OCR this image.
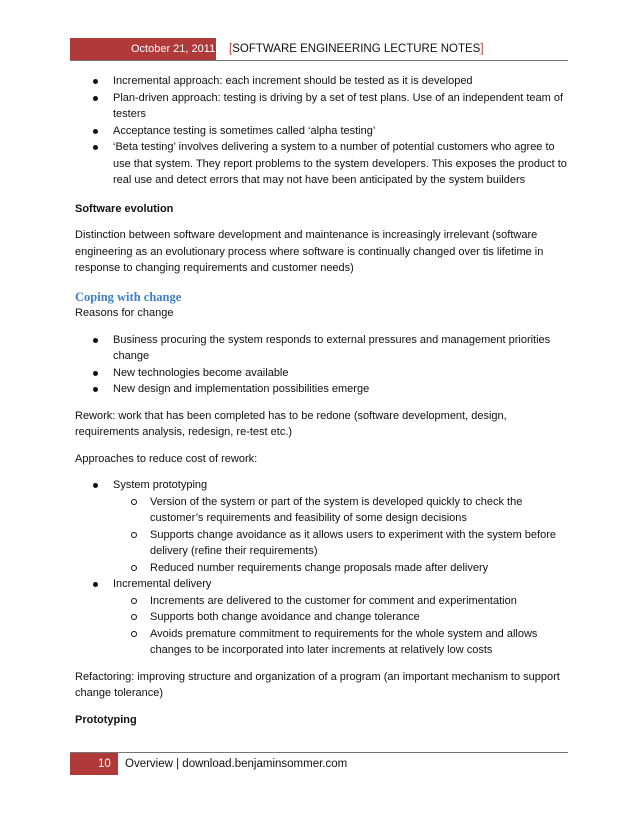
October 21, 2011 [SOFTWARE ENGINEERING LECTURE NOTES]
Incremental approach: each increment should be tested as it is developed
Plan-driven approach: testing is driving by a set of test plans. Use of an independent team of testers
Acceptance testing is sometimes called ‘alpha testing’
‘Beta testing’ involves delivering a system to a number of potential customers who agree to use that system. They report problems to the system developers. This exposes the product to real use and detect errors that may not have been anticipated by the system builders

Software evolution

Distinction between software development and maintenance is increasingly irrelevant (software engineering as an evolutionary process where software is continually changed over tis lifetime in response to changing requirements and customer needs)

Coping with change

Reasons for change

Business procuring the system responds to external pressures and management priorities change
New technologies become available
New design and implementation possibilities emerge

Rework: work that has been completed has to be redone (software development, design, requirements analysis, redesign, re-test etc.)

Approaches to reduce cost of rework:

System prototyping
Version of the system or part of the system is developed quickly to check the customer’s requirements and feasibility of some design decisions
Supports change avoidance as it allows users to experiment with the system before delivery (refine their requirements)
Reduced number requirements change proposals made after delivery
Incremental delivery
Increments are delivered to the customer for comment and experimentation
Supports both change avoidance and change tolerance
Avoids premature commitment to requirements for the whole system and allows changes to be incorporated into later increments at relatively low costs

Refactoring: improving structure and organization of a program (an important mechanism to support change tolerance)

Prototyping

10 Overview | download.benjaminsommer.com
